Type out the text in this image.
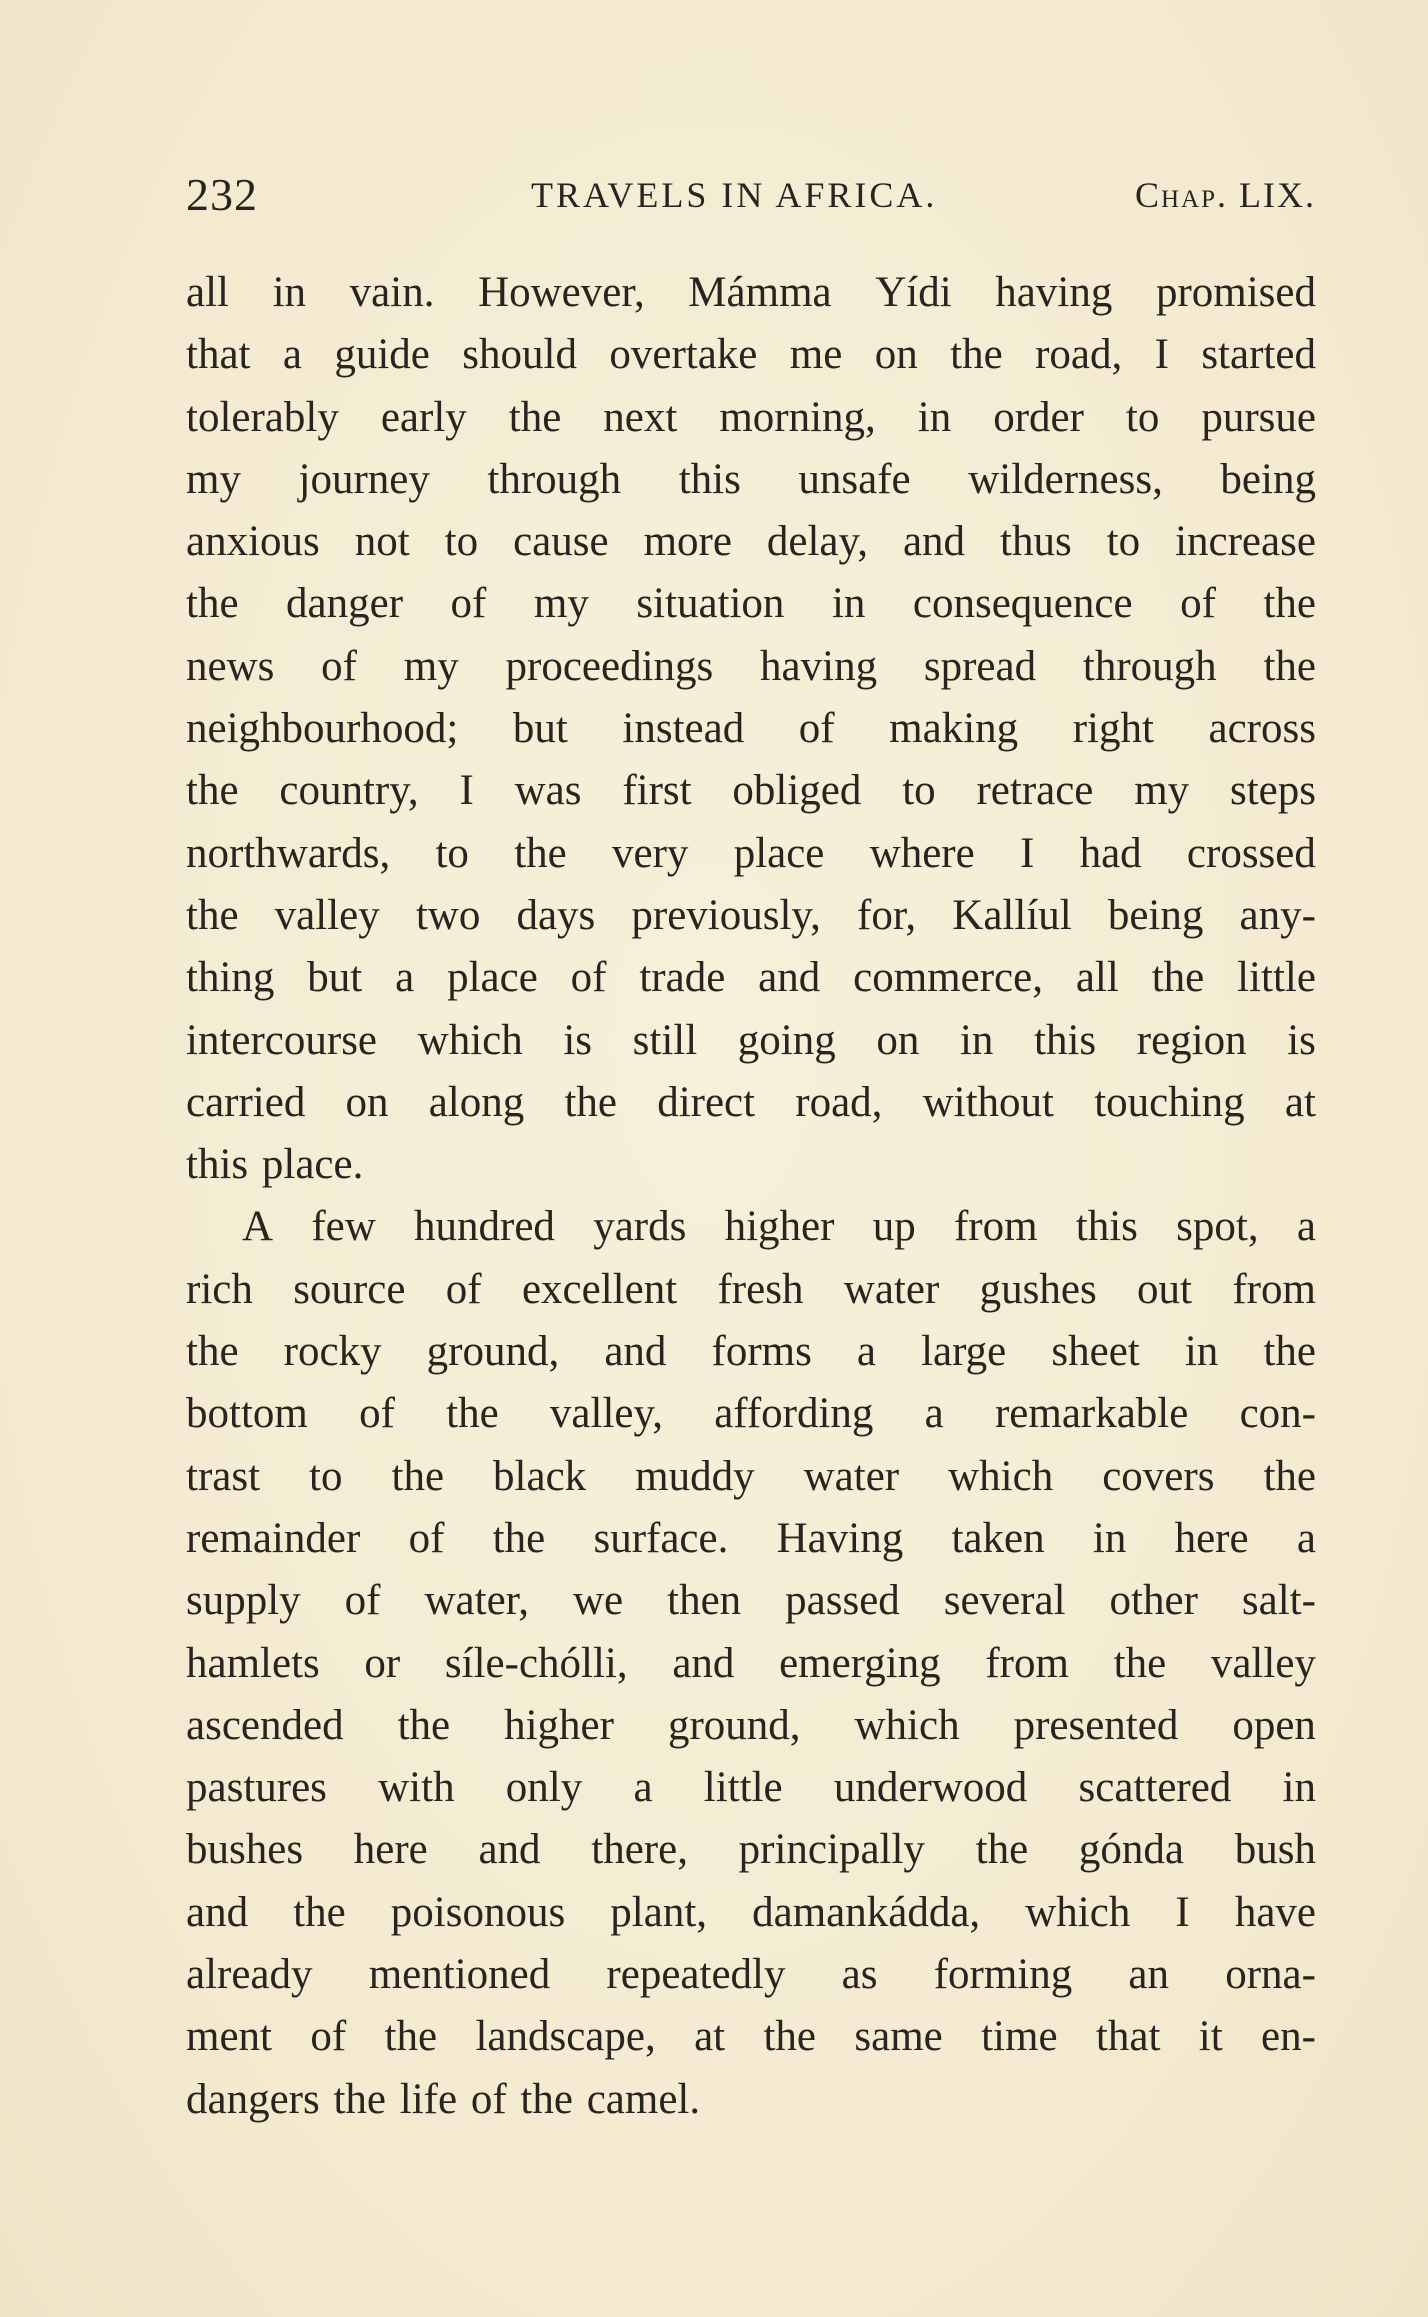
232	TRAVELS IN AFRICA.	Chap. LIX.
all in vain. However, Mámma Yídi having promised
that a guide should overtake me on the road, I started
tolerably early the next morning, in order to pursue
my journey through this unsafe wilderness, being
anxious not to cause more delay, and thus to increase
the danger of my situation in consequence of the
news of my proceedings having spread through the
neighbourhood; but instead of making right across
the country, I was first obliged to retrace my steps
northwards, to the very place where I had crossed
the valley two days previously, for, Kallíul being any-
thing but a place of trade and commerce, all the little
intercourse which is still going on in this region is
carried on along the direct road, without touching at
this place.
A few hundred yards higher up from this spot, a
rich source of excellent fresh water gushes out from
the rocky ground, and forms a large sheet in the
bottom of the valley, affording a remarkable con-
trast to the black muddy water which covers the
remainder of the surface. Having taken in here a
supply of water, we then passed several other salt-
hamlets or síle-chólli, and emerging from the valley
ascended the higher ground, which presented open
pastures with only a little underwood scattered in
bushes here and there, principally the gónda bush
and the poisonous plant, damankádda, which I have
already mentioned repeatedly as forming an orna-
ment of the landscape, at the same time that it en-
dangers the life of the camel.
